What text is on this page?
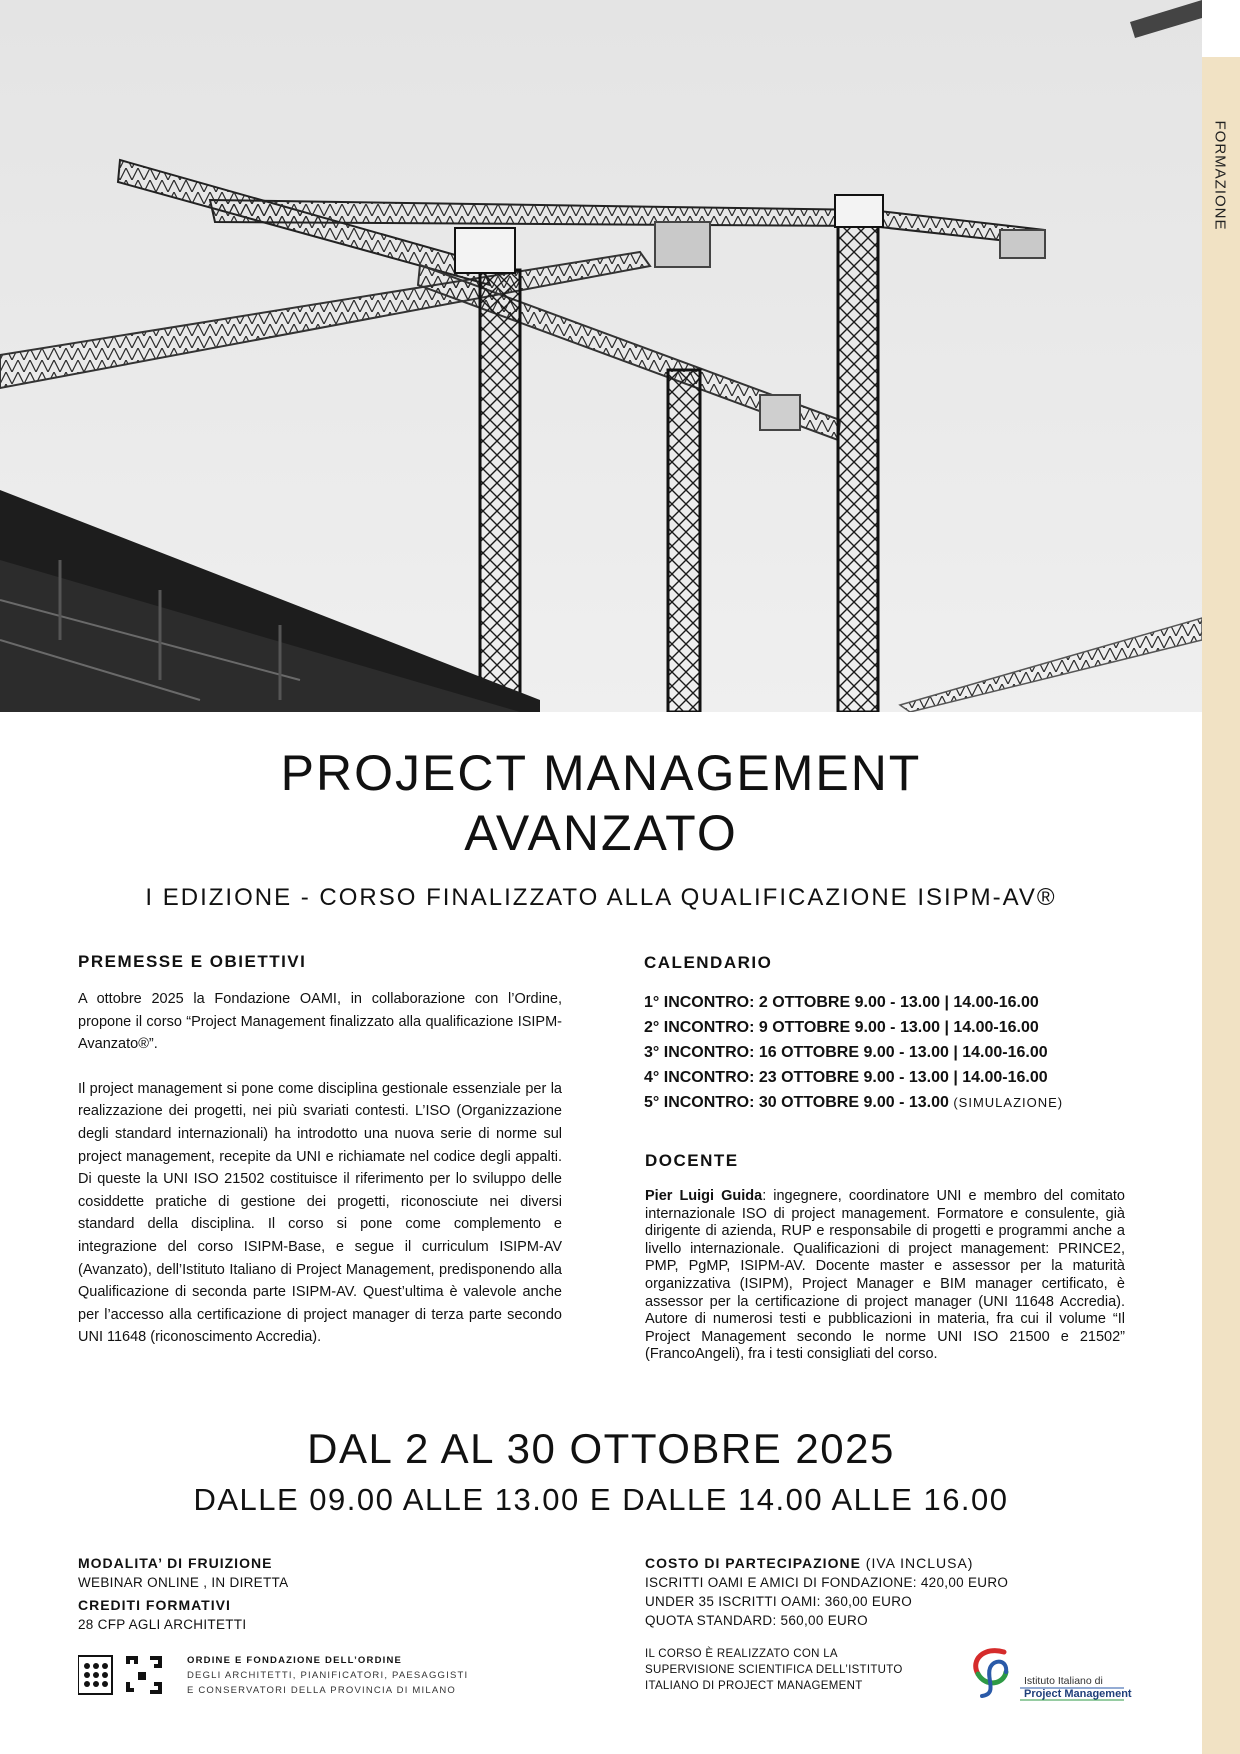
FORMAZIONE
PROJECT MANAGEMENT
AVANZATO
I EDIZIONE - CORSO FINALIZZATO ALLA QUALIFICAZIONE ISIPM-AV®
PREMESSE E OBIETTIVI

A ottobre 2025 la Fondazione OAMI, in collaborazione con l’Ordine, propone il corso “Project Management finalizzato alla qualificazione ISIPM-Avanzato®”.

Il project management si pone come disciplina gestionale essenziale per la realizzazione dei progetti, nei più svariati contesti. L’ISO (Organizzazione degli standard internazionali) ha introdotto una nuova serie di norme sul project management, recepite da UNI e richiamate nel codice degli appalti. Di queste la UNI ISO 21502 costituisce il riferimento per lo sviluppo delle cosiddette pratiche di gestione dei progetti, riconosciute nei diversi standard della disciplina. Il corso si pone come complemento e integrazione del corso ISIPM-Base, e segue il curriculum ISIPM-AV (Avanzato), dell’Istituto Italiano di Project Management, predisponendo alla Qualificazione di seconda parte ISIPM-AV. Quest’ultima è valevole anche per l’accesso alla certificazione di project manager di terza parte secondo UNI 11648 (riconoscimento Accredia).

CALENDARIO
1° INCONTRO: 2 OTTOBRE 9.00 - 13.00 | 14.00-16.00
2° INCONTRO: 9 OTTOBRE 9.00 - 13.00 | 14.00-16.00
3° INCONTRO: 16 OTTOBRE 9.00 - 13.00 | 14.00-16.00
4° INCONTRO: 23 OTTOBRE 9.00 - 13.00 | 14.00-16.00
5° INCONTRO: 30 OTTOBRE 9.00 - 13.00 (SIMULAZIONE)
DOCENTE

Pier Luigi Guida: ingegnere, coordinatore UNI e membro del comitato internazionale ISO di project management. Formatore e consulente, già dirigente di azienda, RUP e responsabile di progetti e programmi anche a livello internazionale. Qualificazioni di project management: PRINCE2, PMP, PgMP, ISIPM-AV. Docente master e assessor per la maturità organizzativa (ISIPM), Project Manager e BIM manager certificato, è assessor per la certificazione di project manager (UNI 11648 Accredia). Autore di numerosi testi e pubblicazioni in materia, fra cui il volume “Il Project Management secondo le norme UNI ISO 21500 e 21502” (FrancoAngeli), fra i testi consigliati del corso.

DAL 2 AL 30 OTTOBRE 2025
DALLE 09.00 ALLE 13.00 E DALLE 14.00 ALLE 16.00
MODALITA’ DI FRUIZIONE
WEBINAR ONLINE , IN DIRETTA
CREDITI FORMATIVI
28 CFP AGLI ARCHITETTI
COSTO DI PARTECIPAZIONE (IVA INCLUSA)
ISCRITTI OAMI E AMICI DI FONDAZIONE: 420,00 EURO
UNDER 35 ISCRITTI OAMI: 360,00 EURO
QUOTA STANDARD: 560,00 EURO
IL CORSO È REALIZZATO CON LA
SUPERVISIONE SCIENTIFICA DELL’ISTITUTO
ITALIANO DI PROJECT MANAGEMENT
ORDINE E FONDAZIONE DELL’ORDINE
DEGLI ARCHITETTI, PIANIFICATORI, PAESAGGISTI
E CONSERVATORI DELLA PROVINCIA DI MILANO
Istituto Italiano di
Project Management
